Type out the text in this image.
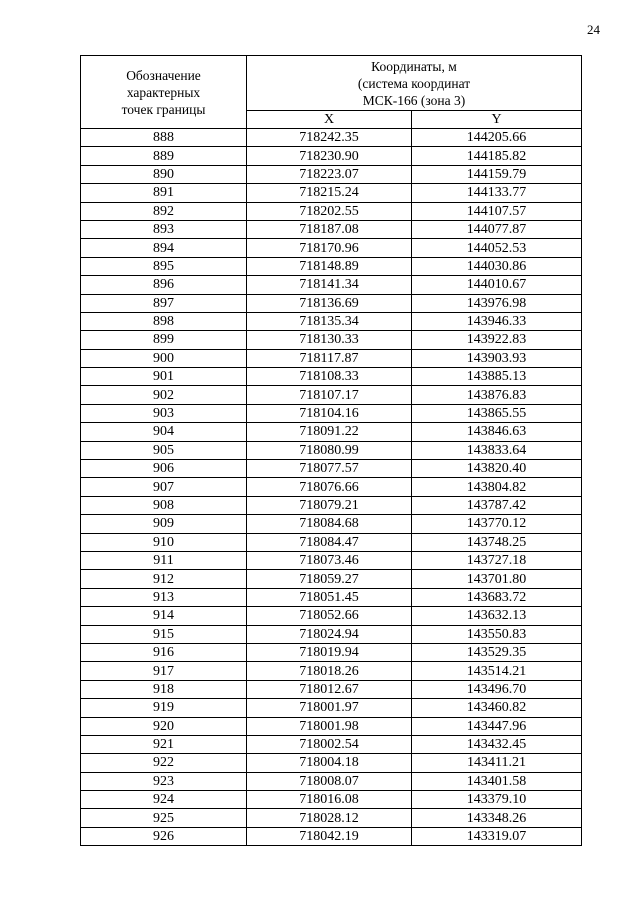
24
Обозначение
характерных
точек границы	Координаты, м
(система координат
МСК-166 (зона 3)	
	X	Y
888	718242.35	144205.66
889	718230.90	144185.82
890	718223.07	144159.79
891	718215.24	144133.77
892	718202.55	144107.57
893	718187.08	144077.87
894	718170.96	144052.53
895	718148.89	144030.86
896	718141.34	144010.67
897	718136.69	143976.98
898	718135.34	143946.33
899	718130.33	143922.83
900	718117.87	143903.93
901	718108.33	143885.13
902	718107.17	143876.83
903	718104.16	143865.55
904	718091.22	143846.63
905	718080.99	143833.64
906	718077.57	143820.40
907	718076.66	143804.82
908	718079.21	143787.42
909	718084.68	143770.12
910	718084.47	143748.25
911	718073.46	143727.18
912	718059.27	143701.80
913	718051.45	143683.72
914	718052.66	143632.13
915	718024.94	143550.83
916	718019.94	143529.35
917	718018.26	143514.21
918	718012.67	143496.70
919	718001.97	143460.82
920	718001.98	143447.96
921	718002.54	143432.45
922	718004.18	143411.21
923	718008.07	143401.58
924	718016.08	143379.10
925	718028.12	143348.26
926	718042.19	143319.07
